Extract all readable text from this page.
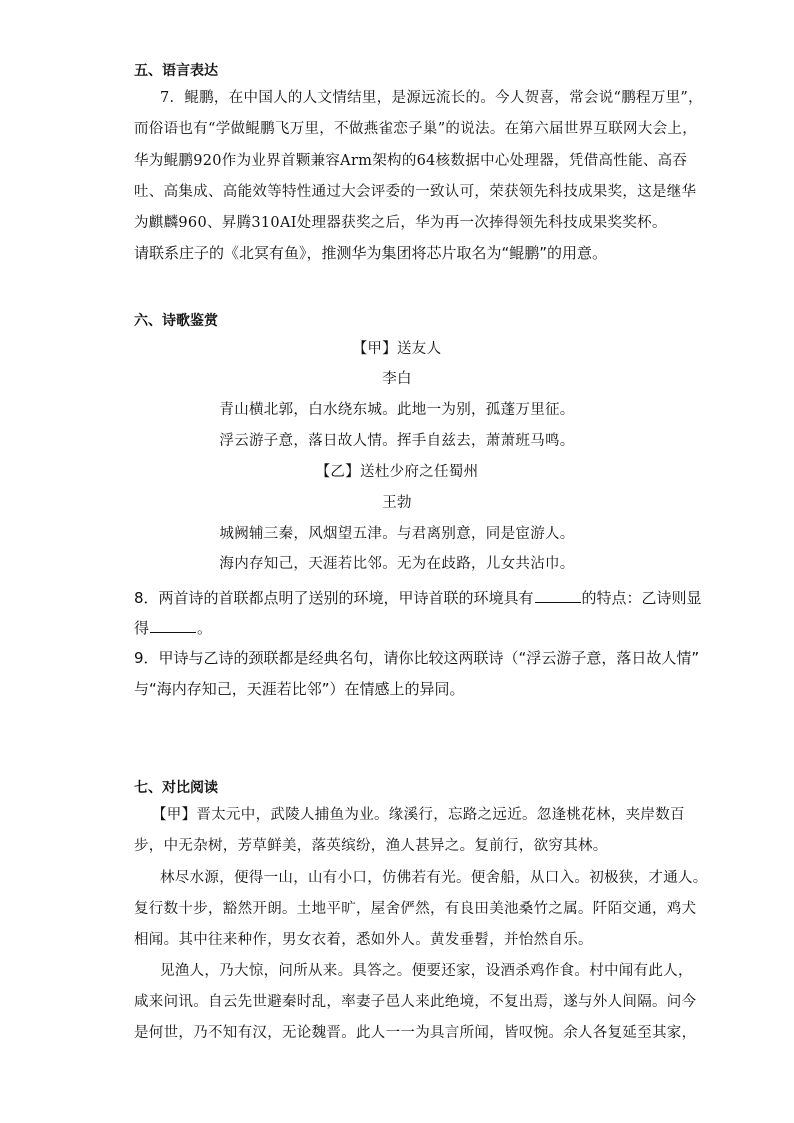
五、语言表达
7．鲲鹏，在中国人的人文情结里，是源远流长的。今人贺喜，常会说“鹏程万里”，
而俗语也有“学做鲲鹏飞万里，不做燕雀恋子巢”的说法。在第六届世界互联网大会上，
华为鲲鹏920作为业界首颗兼容Arm架构的64核数据中心处理器，凭借高性能、高吞
吐、高集成、高能效等特性通过大会评委的一致认可，荣获领先科技成果奖，这是继华
为麒麟960、昇腾310AI处理器获奖之后，华为再一次捧得领先科技成果奖奖杯。
请联系庄子的《北冥有鱼》，推测华为集团将芯片取名为“鲲鹏”的用意。
六、诗歌鉴赏
【甲】送友人
李白
青山横北郭，白水绕东城。此地一为别，孤蓬万里征。
浮云游子意，落日故人情。挥手自兹去，萧萧班马鸣。
【乙】送杜少府之任蜀州
王勃
城阙辅三秦，风烟望五津。与君离别意，同是宦游人。
海内存知己，天涯若比邻。无为在歧路，儿女共沾巾。
8．两首诗的首联都点明了送别的环境，甲诗首联的环境具有	的特点：乙诗则显
得	。
9．甲诗与乙诗的颈联都是经典名句，请你比较这两联诗（“浮云游子意，落日故人情”
与“海内存知己，天涯若比邻”）在情感上的异同。
七、对比阅读
【甲】晋太元中，武陵人捕鱼为业。缘溪行，忘路之远近。忽逢桃花林，夹岸数百
步，中无杂树，芳草鲜美，落英缤纷，渔人甚异之。复前行，欲穷其林。
林尽水源，便得一山，山有小口，仿佛若有光。便舍船，从口入。初极狭，才通人。
复行数十步，豁然开朗。土地平旷，屋舍俨然，有良田美池桑竹之属。阡陌交通，鸡犬
相闻。其中往来种作，男女衣着，悉如外人。黄发垂髫，并怡然自乐。
见渔人，乃大惊，问所从来。具答之。便要还家，设酒杀鸡作食。村中闻有此人，
咸来问讯。自云先世避秦时乱，率妻子邑人来此绝境，不复出焉，遂与外人间隔。问今
是何世，乃不知有汉，无论魏晋。此人一一为具言所闻，皆叹惋。余人各复延至其家，
